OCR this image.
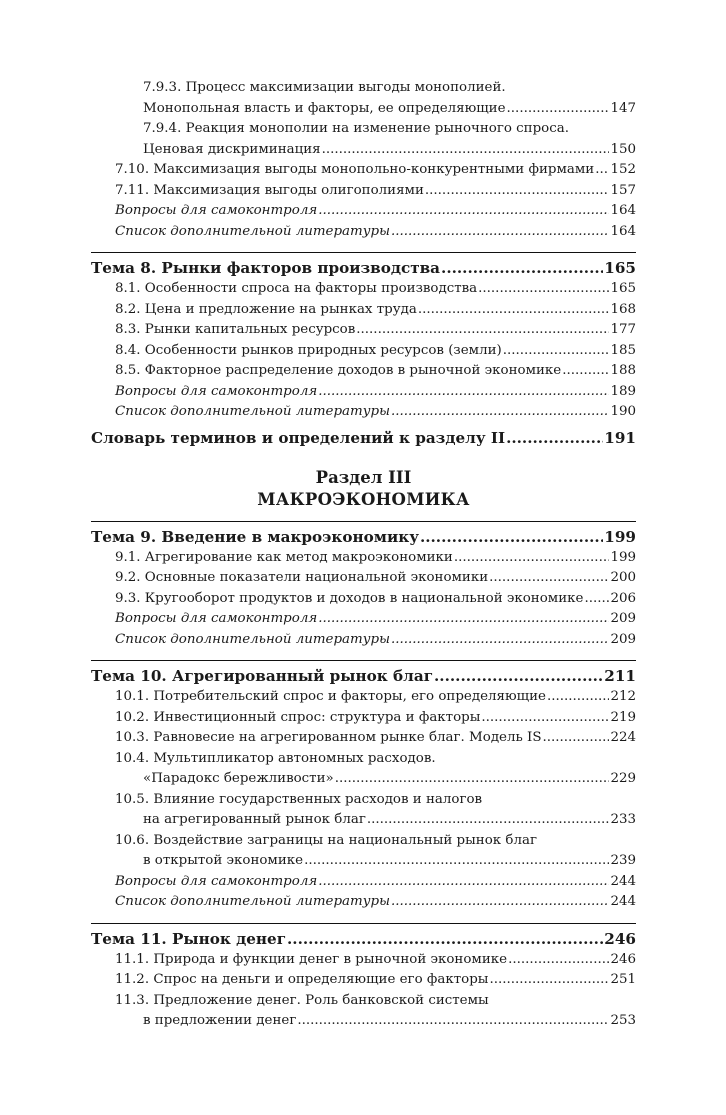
7.9.3. Процесс максимизации выгоды монополией.
Монопольная власть и факторы, ее определяющие .....	147
7.9.4. Реакция монополии на изменение рыночного спроса.
Ценовая дискриминация .....	150
7.10. Максимизация выгоды монопольно-конкурентными фирмами ..... 152
7.11. Максимизация выгоды олигополиями .....	157
Вопросы для самоконтроля .....	164
Список дополнительной литературы .....	164
Тема 8. Рынки факторов производства .....	165
8.1. Особенности спроса на факторы производства .....	165
8.2. Цена и предложение на рынках труда .....	168
8.3. Рынки капитальных ресурсов .....	177
8.4. Особенности рынков природных ресурсов (земли) .....	185
8.5. Факторное распределение доходов в рыночной экономике .....	188
Вопросы для самоконтроля .....	189
Список дополнительной литературы .....	190
Словарь терминов и определений к разделу II .....	191
Раздел III
МАКРОЭКОНОМИКА
Тема 9. Введение в макроэкономику .....	199
9.1. Агрегирование как метод макроэкономики .....	199
9.2. Основные показатели национальной экономики .....	200
9.3. Кругооборот продуктов и доходов в национальной экономике ..... 206
Вопросы для самоконтроля .....	209
Список дополнительной литературы .....	209
Тема 10. Агрегированный рынок благ .....	211
10.1. Потребительский спрос и факторы, его определяющие .....	212
10.2. Инвестиционный спрос: структура и факторы .....	219
10.3. Равновесие на агрегированном рынке благ. Модель IS .....	224
10.4. Мультипликатор автономных расходов.
«Парадокс бережливости» .....	229
10.5. Влияние государственных расходов и налогов
на агрегированный рынок благ .....	233
10.6. Воздействие заграницы на национальный рынок благ
в открытой экономике .....	239
Вопросы для самоконтроля .....	244
Список дополнительной литературы .....	244
Тема 11. Рынок денег .....	246
11.1. Природа и функции денег в рыночной экономике .....	246
11.2. Спрос на деньги и определяющие его факторы .....	251
11.3. Предложение денег. Роль банковской системы
в предложении денег .....	253
